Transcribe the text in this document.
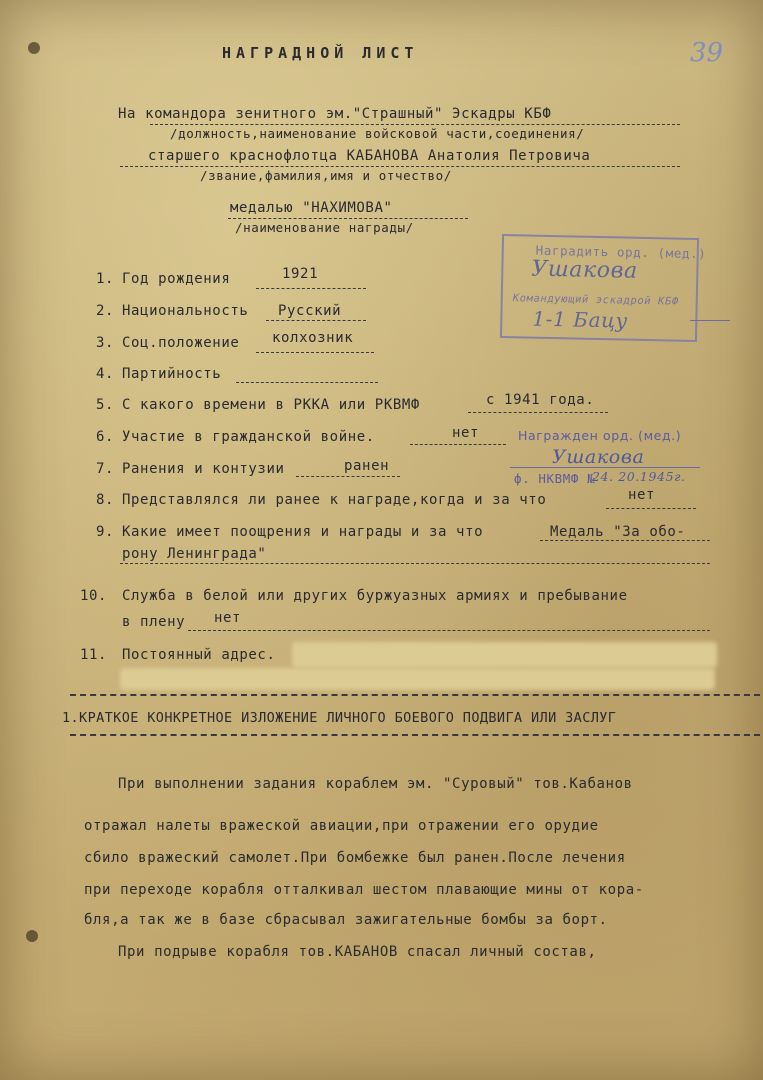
39
НАГРАДНОЙ ЛИСТ
На командора зенитного эм."Страшный" Эскадры КБФ
/должность,наименование войсковой части,соединения/
старшего краснофлотца КАБАНОВА Анатолия Петровича
/звание,фамилия,имя и отчество/
медалью "НАХИМОВА"
/наименование награды/
Наградить орд. (мед.)
Ушакова
Командующий эскадрой КБФ
1-1 Бацу
1. Год рождения	1921
2. Национальность Русский
3. Соц.положение колхозник
4. Партийность
5. С какого времени в РККА или РКВМФ	с 1941 года.
6. Участие в гражданской войне.	нет
7. Ранения и контузии	ранен
8. Представлялся ли ранее к награде,когда и за что	нет
9. Какие имеет поощрения и награды и за что	Медаль "За обо-
рону Ленинграда"
10. Служба в белой или других буржуазных армиях и пребывание
в плену нет
11. Постоянный адрес.
Награжден орд. (мед.)
Ушакова
ф. НКВМФ №
24. 20.1945г.
1.КРАТКОЕ КОНКРЕТНОЕ ИЗЛОЖЕНИЕ ЛИЧНОГО БОЕВОГО ПОДВИГА ИЛИ ЗАСЛУГ
При выполнении задания кораблем эм. "Суровый" тов.Кабанов
отражал налеты вражеской авиации,при отражении его орудие
сбило вражеский самолет.При бомбежке был ранен.После лечения
при переходе корабля отталкивал шестом плавающие мины от кора-
бля,а так же в базе сбрасывал зажигательные бомбы за борт.
При подрыве корабля тов.КАБАНОВ спасал личный состав,
